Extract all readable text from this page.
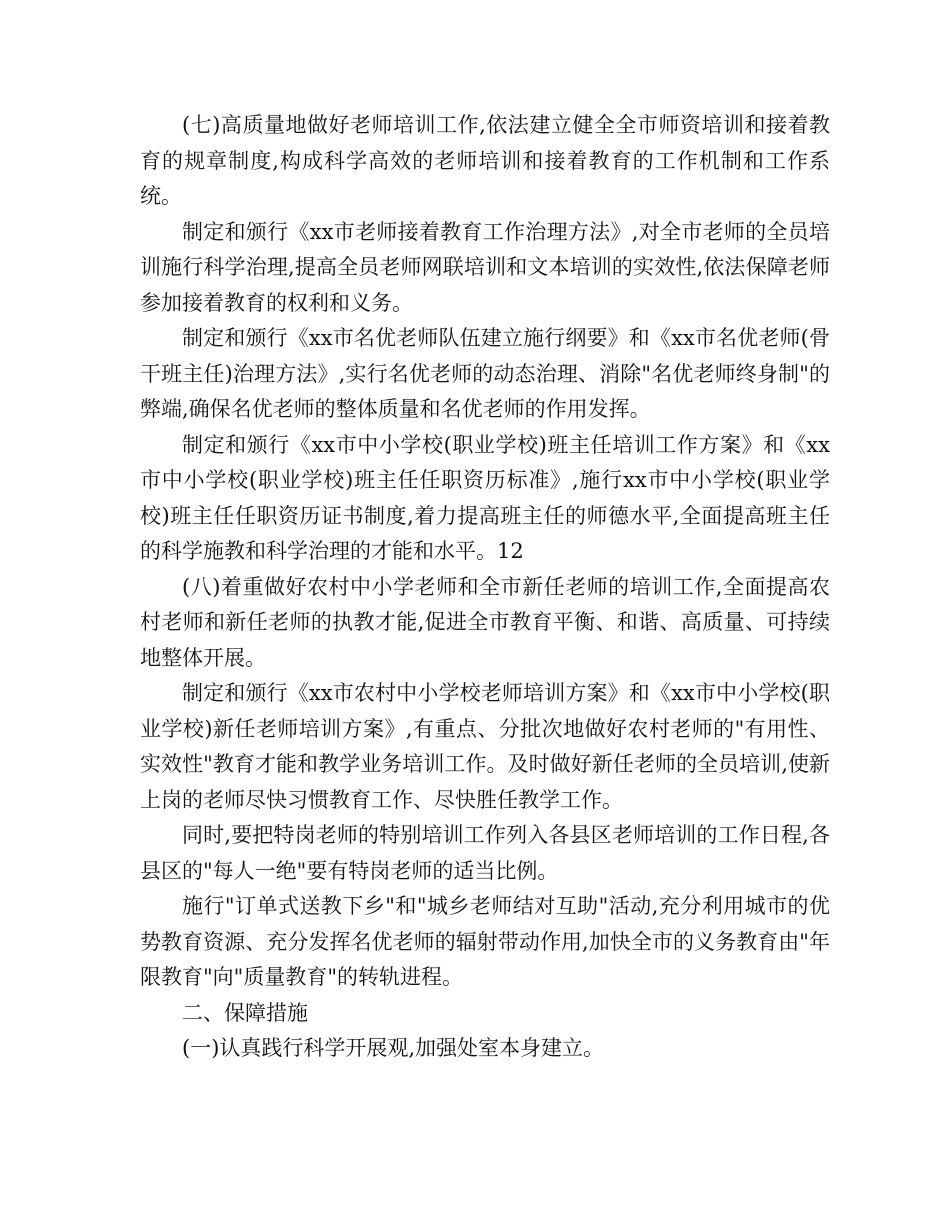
(七)高质量地做好老师培训工作,依法建立健全全市师资培训和接着教育的规章制度,构成科学高效的老师培训和接着教育的工作机制和工作系统。

制定和颁行《xx市老师接着教育工作治理方法》,对全市老师的全员培训施行科学治理,提高全员老师网联培训和文本培训的实效性,依法保障老师参加接着教育的权利和义务。

制定和颁行《xx市名优老师队伍建立施行纲要》和《xx市名优老师(骨干班主任)治理方法》,实行名优老师的动态治理、消除"名优老师终身制"的弊端,确保名优老师的整体质量和名优老师的作用发挥。

制定和颁行《xx市中小学校(职业学校)班主任培训工作方案》和《xx市中小学校(职业学校)班主任任职资历标准》,施行xx市中小学校(职业学校)班主任任职资历证书制度,着力提高班主任的师德水平,全面提高班主任的科学施教和科学治理的才能和水平。12

(八)着重做好农村中小学老师和全市新任老师的培训工作,全面提高农村老师和新任老师的执教才能,促进全市教育平衡、和谐、高质量、可持续地整体开展。

制定和颁行《xx市农村中小学校老师培训方案》和《xx市中小学校(职业学校)新任老师培训方案》,有重点、分批次地做好农村老师的"有用性、实效性"教育才能和教学业务培训工作。及时做好新任老师的全员培训,使新上岗的老师尽快习惯教育工作、尽快胜任教学工作。

同时,要把特岗老师的特别培训工作列入各县区老师培训的工作日程,各县区的"每人一绝"要有特岗老师的适当比例。

施行"订单式送教下乡"和"城乡老师结对互助"活动,充分利用城市的优势教育资源、充分发挥名优老师的辐射带动作用,加快全市的义务教育由"年限教育"向"质量教育"的转轨进程。

二、保障措施

(一)认真践行科学开展观,加强处室本身建立。
